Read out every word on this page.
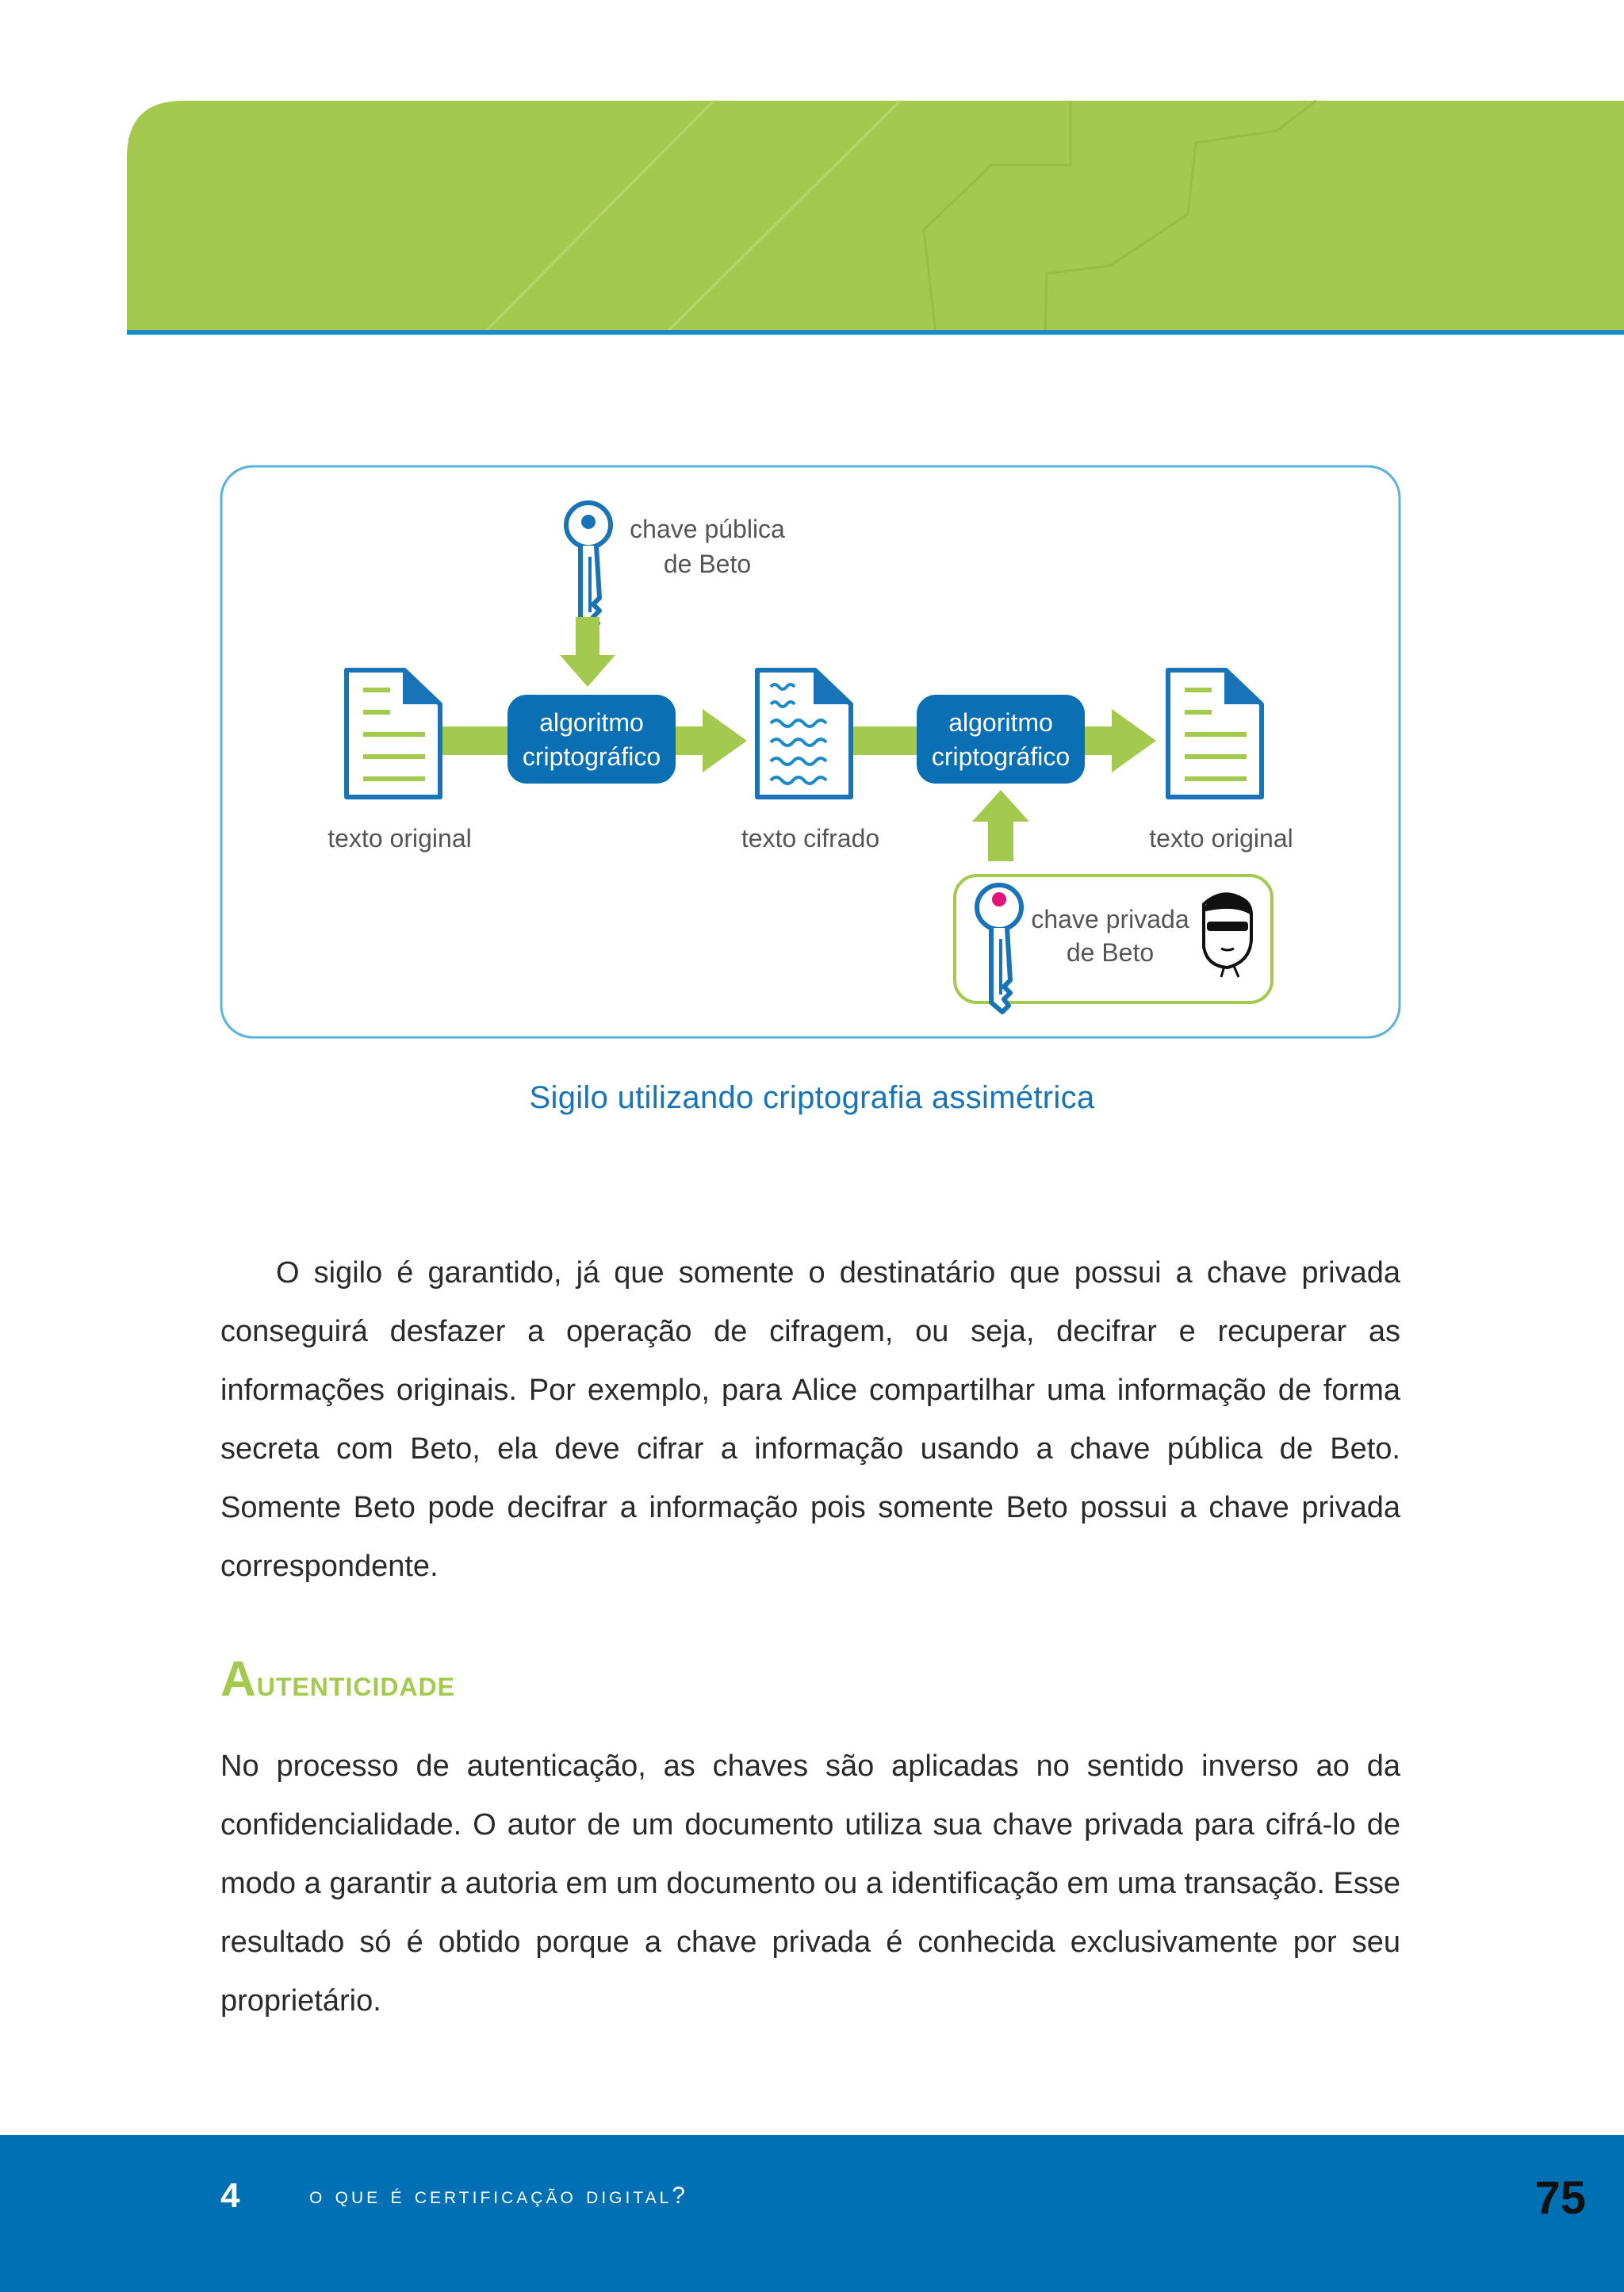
chave pública
de Beto
algoritmo
criptográfico
algoritmo
criptográfico
texto original	texto cifrado	texto original
chave privada
de Beto
Sigilo utilizando criptografia assimétrica
O sigilo é garantido, já que somente o destinatário que possui a chave privada conseguirá desfazer a operação de cifragem, ou seja, decifrar e recuperar as informações originais. Por exemplo, para Alice compartilhar uma informação de forma secreta com Beto, ela deve cifrar a informação usando a chave pública de Beto. Somente Beto pode decifrar a informação pois somente Beto possui a chave privada correspondente.
Autenticidade
No processo de autenticação, as chaves são aplicadas no sentido inverso ao da confidencialidade. O autor de um documento utiliza sua chave privada para cifrá-lo de modo a garantir a autoria em um documento ou a identificação em uma transação. Esse resultado só é obtido porque a chave privada é conhecida exclusivamente por seu proprietário.
4	o que é certificação digital?	75
